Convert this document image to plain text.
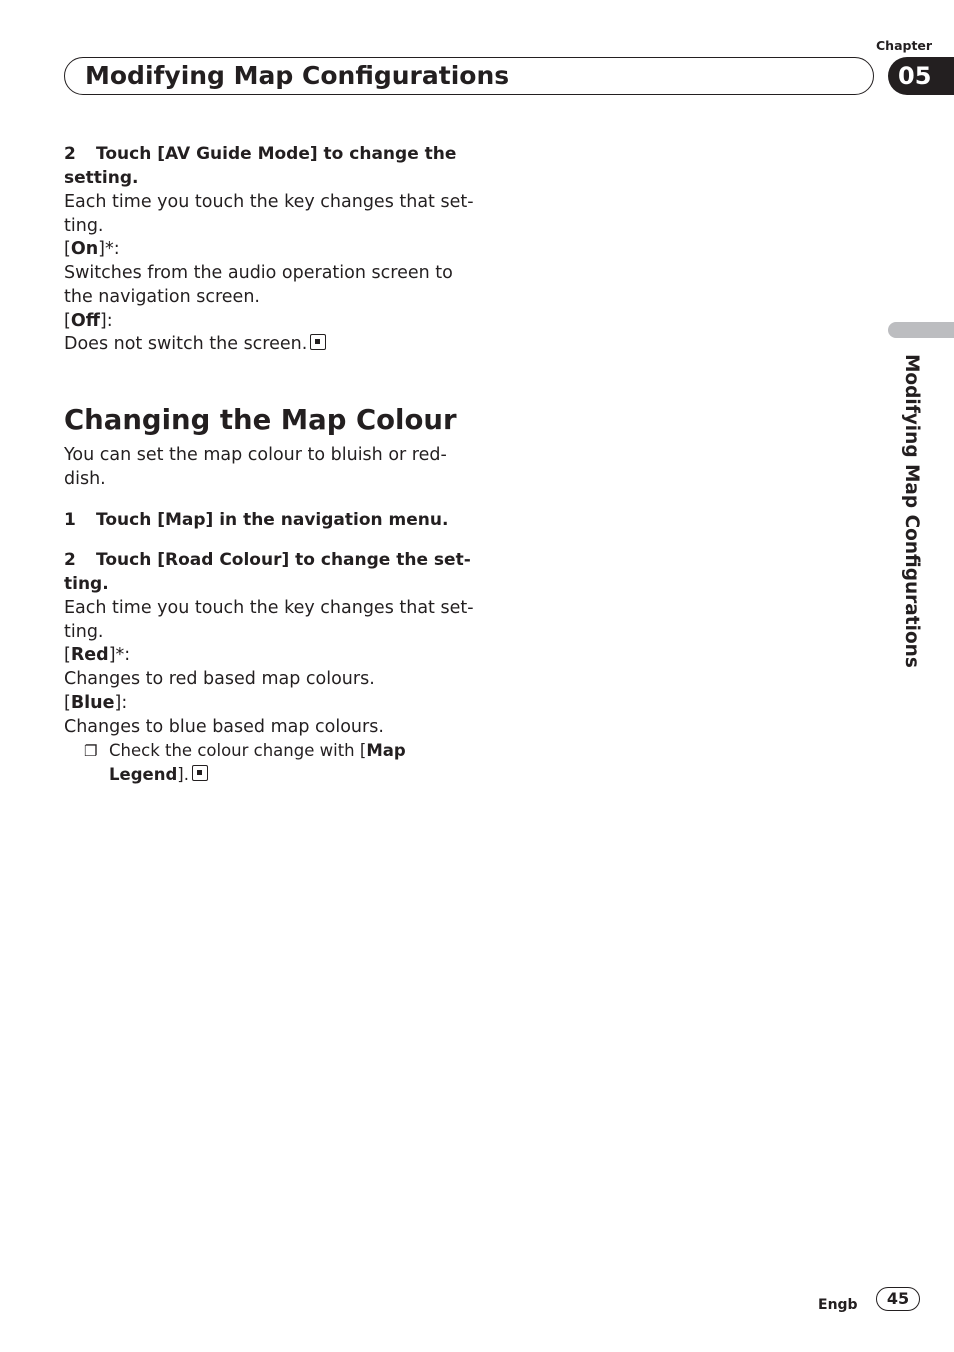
Chapter
Modifying Map Configurations	05
2 Touch [AV Guide Mode] to change the
setting.
Each time you touch the key changes that set-
ting.
[On]*:
Switches from the audio operation screen to
the navigation screen.
[Off]:
Does not switch the screen.
Changing the Map Colour
You can set the map colour to bluish or red-
dish.
1 Touch [Map] in the navigation menu.
2 Touch [Road Colour] to change the set-
ting.
Each time you touch the key changes that set-
ting.
[Red]*:
Changes to red based map colours.
[Blue]:
Changes to blue based map colours.
❐ Check the colour change with [Map
Legend].
Modifying Map Configurations
Engb	45
